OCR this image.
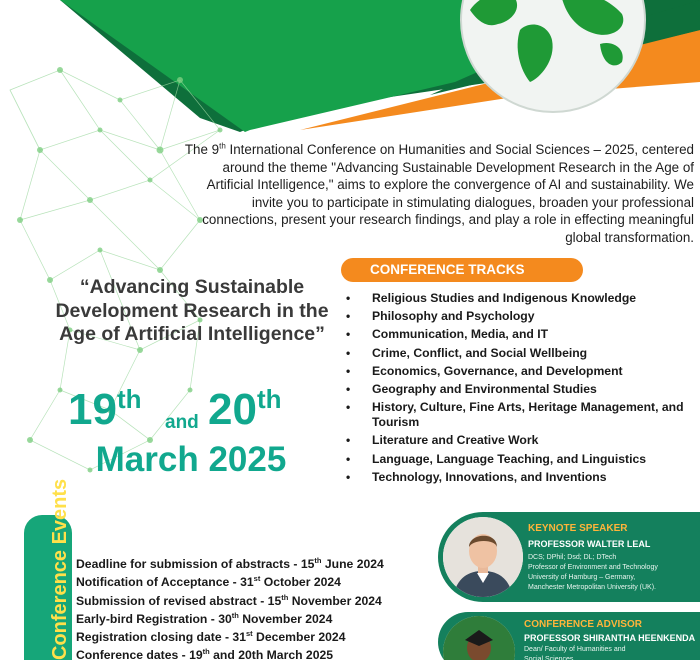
The 9th International Conference on Humanities and Social Sciences – 2025, centered around the theme "Advancing Sustainable Development Research in the Age of Artificial Intelligence," aims to explore the convergence of AI and sustainability. We invite you to participate in stimulating dialogues, broaden your professional connections, present your research findings, and play a role in effecting meaningful global transformation.

CONFERENCE TRACKS
• Religious Studies and Indigenous Knowledge
• Philosophy and Psychology
• Communication, Media, and IT
• Crime, Conflict, and Social Wellbeing
• Economics, Governance, and Development
• Geography and Environmental Studies
• History, Culture, Fine Arts, Heritage Management, and Tourism
• Literature and Creative Work
• Language, Language Teaching, and Linguistics
• Technology, Innovations, and Inventions
“Advancing Sustainable Development Research in the Age of Artificial Intelligence”
19th
and 20th
March 2025
Conference Events Deadline for submission of abstracts - 15th June 2024
Notification of Acceptance - 31st October 2024
Submission of revised abstract - 15th November 2024
Early-bird Registration - 30th November 2024
Registration closing date - 31st December 2024
Conference dates - 19th and 20th March 2025
KEYNOTE SPEAKER
PROFESSOR WALTER LEAL
DCS; DPhil; Dsd; DL; DTech
Professor of Environment and Technology
University of Hamburg – Germany,
Manchester Metropolitan University (UK).
CONFERENCE ADVISOR
PROFESSOR SHIRANTHA HEENKENDA
Dean/ Faculty of Humanities and
Social Sciences
